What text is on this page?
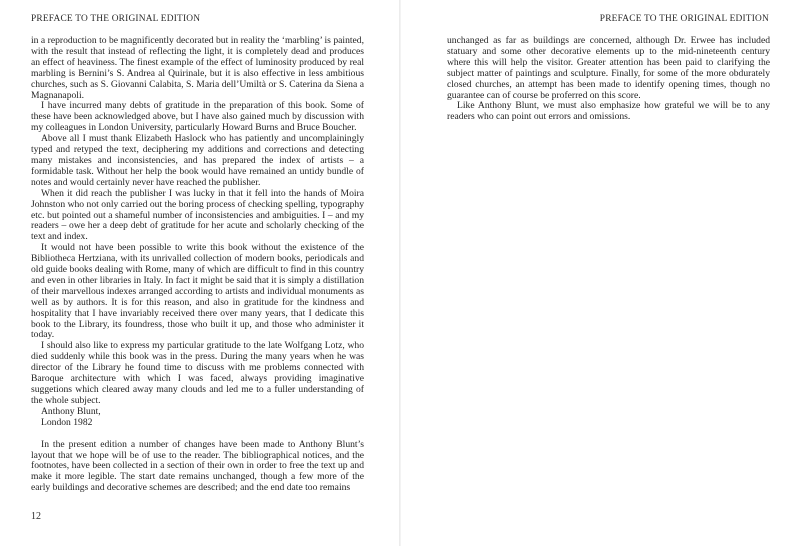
PREFACE TO THE ORIGINAL EDITION

in a reproduction to be magnificently decorated but in reality the ‘marbling’ is painted, with the result that instead of reflecting the light, it is completely dead and produces an effect of heaviness. The finest example of the effect of luminosity produced by real marbling is Bernini’s S. Andrea al Quirinale, but it is also effective in less ambitious churches, such as S. Giovanni Calabita, S. Maria dell’Umiltà or S. Caterina da Siena a Magnanapoli.

I have incurred many debts of gratitude in the preparation of this book. Some of these have been acknowledged above, but I have also gained much by discussion with my colleagues in London University, particularly Howard Burns and Bruce Boucher.

Above all I must thank Elizabeth Haslock who has patiently and uncomplainingly typed and retyped the text, deciphering my additions and corrections and detecting many mistakes and inconsistencies, and has prepared the index of artists – a formidable task. Without her help the book would have remained an untidy bundle of notes and would certainly never have reached the publisher.

When it did reach the publisher I was lucky in that it fell into the hands of Moira Johnston who not only carried out the boring process of checking spelling, typography etc. but pointed out a shameful number of inconsistencies and ambiguities. I – and my readers – owe her a deep debt of gratitude for her acute and scholarly checking of the text and index.

It would not have been possible to write this book without the existence of the Bibliotheca Hertziana, with its unrivalled collection of modern books, periodicals and old guide books dealing with Rome, many of which are difficult to find in this country and even in other libraries in Italy. In fact it might be said that it is simply a distillation of their marvellous indexes arranged according to artists and individual monuments as well as by authors. It is for this reason, and also in gratitude for the kindness and hospitality that I have invariably received there over many years, that I dedicate this book to the Library, its foundress, those who built it up, and those who administer it today.

I should also like to express my particular gratitude to the late Wolfgang Lotz, who died suddenly while this book was in the press. During the many years when he was director of the Library he found time to discuss with me problems connected with Baroque architecture with which I was faced, always providing imaginative suggetions which cleared away many clouds and led me to a fuller understanding of the whole subject.

Anthony Blunt,

London 1982

In the present edition a number of changes have been made to Anthony Blunt’s layout that we hope will be of use to the reader. The bibliographical notices, and the footnotes, have been collected in a section of their own in order to free the text up and make it more legible. The start date remains unchanged, though a few more of the early buildings and decorative schemes are described; and the end date too remains

12
PREFACE TO THE ORIGINAL EDITION

unchanged as far as buildings are concerned, although Dr. Erwee has included statuary and some other decorative elements up to the mid-nineteenth century where this will help the visitor. Greater attention has been paid to clarifying the subject matter of paintings and sculpture. Finally, for some of the more obdurately closed churches, an attempt has been made to identify opening times, though no guarantee can of course be proferred on this score.

Like Anthony Blunt, we must also emphasize how grateful we will be to any readers who can point out errors and omissions.
